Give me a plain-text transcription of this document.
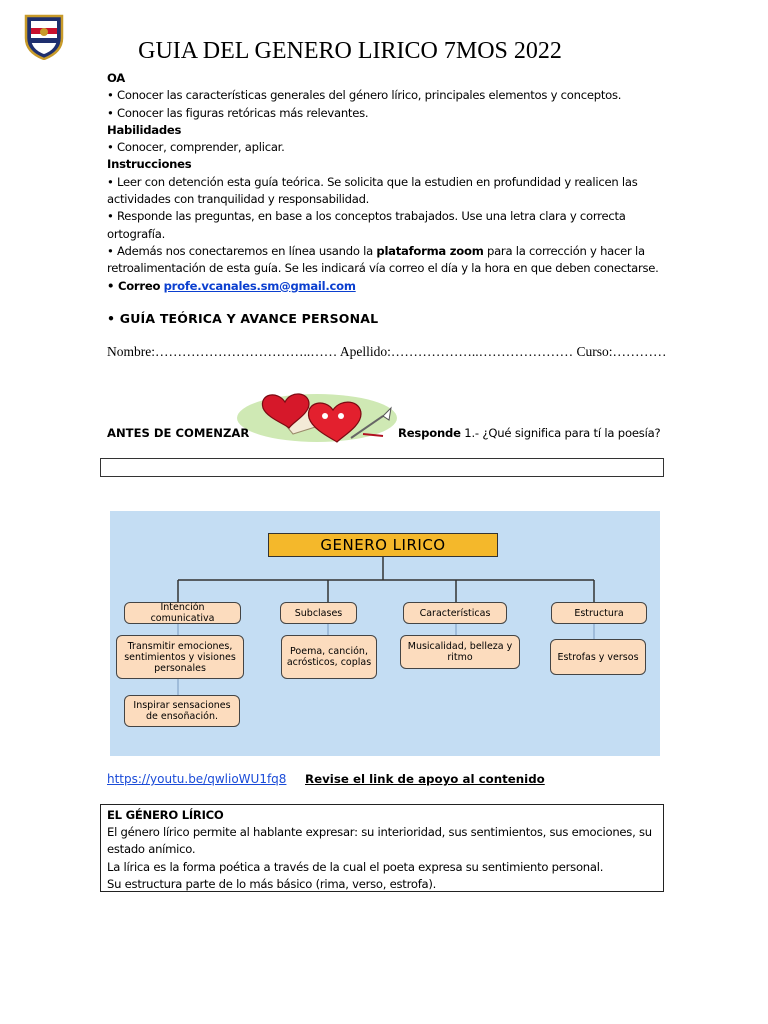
GUIA DEL GENERO LIRICO 7MOS 2022
OA
• Conocer las características generales del género lírico, principales elementos y conceptos.
• Conocer las figuras retóricas más relevantes.
Habilidades
• Conocer, comprender, aplicar.
Instrucciones
• Leer con detención esta guía teórica. Se solicita que la estudien en profundidad y realicen las actividades con tranquilidad y responsabilidad.
• Responde las preguntas, en base a los conceptos trabajados. Use una letra clara y correcta ortografía.
• Además nos conectaremos en línea usando la plataforma zoom para la corrección y hacer la retroalimentación de esta guía. Se les indicará vía correo el día y la hora en que deben conectarse.
• Correo profe.vcanales.sm@gmail.com
• GUÍA TEÓRICA Y AVANCE PERSONAL
Nombre:……………………………..…… Apellido:………………..………………… Curso:…………
ANTES DE COMENZAR	Responde 1.- ¿Qué significa para tí la poesía?
GENERO LIRICO
Intención comunicativa	Subclases	Características	Estructura
Transmitir emociones, sentimientos y visiones personales
Inspirar sensaciones de ensoñación.
Poema, canción, acrósticos, coplas
Musicalidad, belleza y ritmo	Estrofas y versos
https://youtu.be/qwlioWU1fq8 Revise el link de apoyo al contenido
EL GÉNERO LÍRICO
El género lírico permite al hablante expresar: su interioridad, sus sentimientos, sus emociones, su estado anímico.
La lírica es la forma poética a través de la cual el poeta expresa su sentimiento personal.
Su estructura parte de lo más básico (rima, verso, estrofa).
